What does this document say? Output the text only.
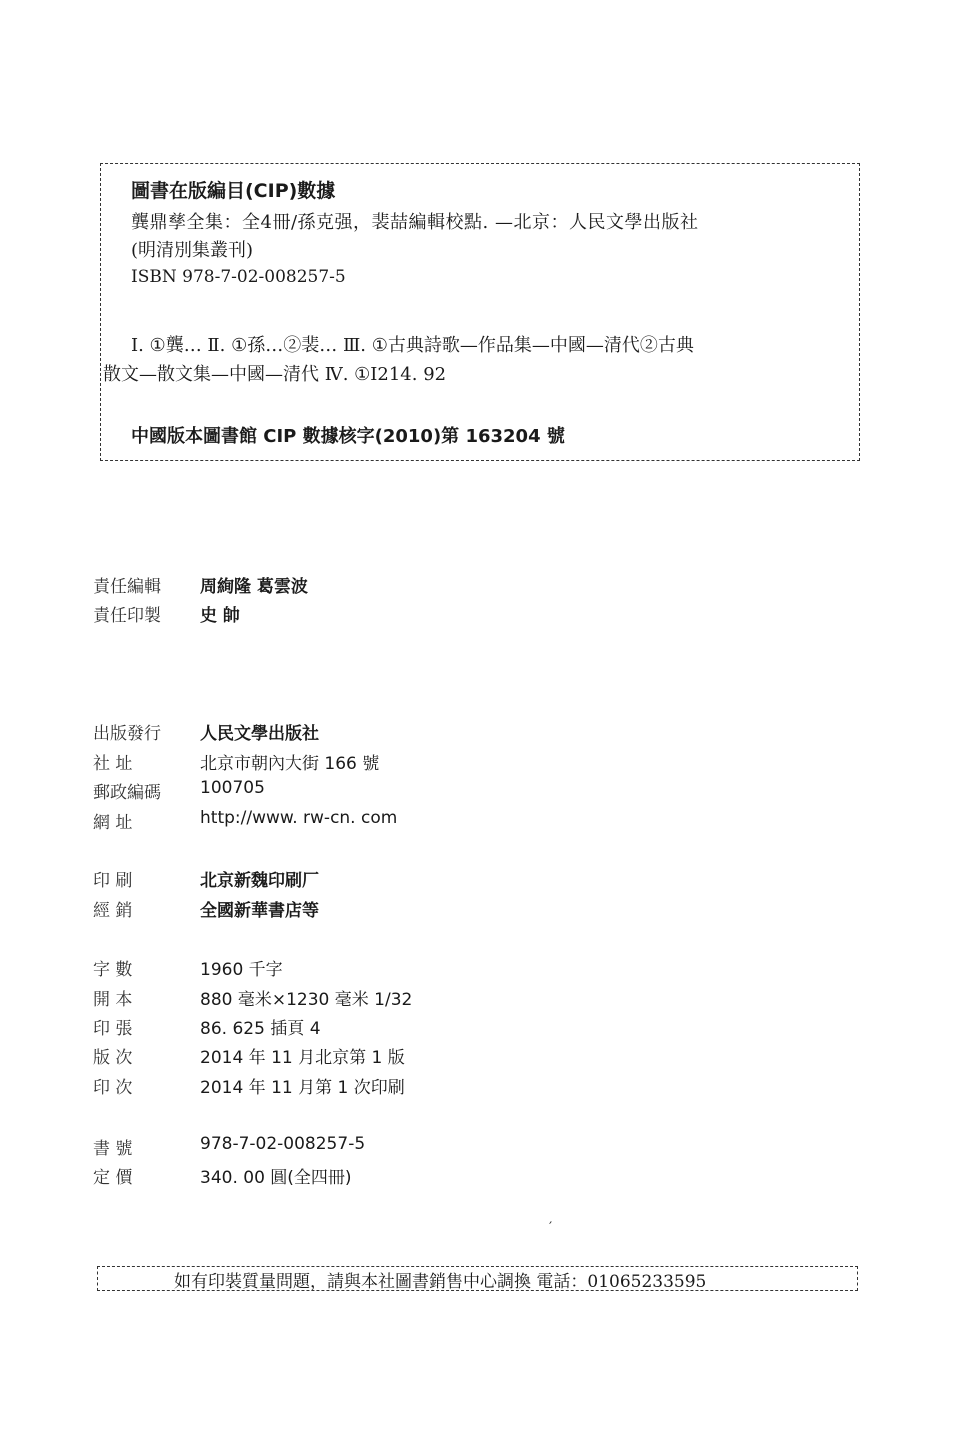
圖書在版編目(CIP)數據
龔鼎孳全集：全4冊/孫克强，裴喆編輯校點. —北京：人民文學出版社
(明清別集叢刊)
ISBN 978-7-02-008257-5
Ⅰ. ①龔… Ⅱ. ①孫…②裴… Ⅲ. ①古典詩歌—作品集—中國—清代②古典
散文—散文集—中國—清代 Ⅳ. ①I214. 92
中國版本圖書館 CIP 數據核字(2010)第 163204 號
責任編輯	周絢隆 葛雲波
責任印製	史 帥
出版發行	人民文學出版社
社 址	北京市朝內大街 166 號
郵政編碼	100705
網 址	http://www. rw-cn. com
印 刷	北京新魏印刷厂
經 銷	全國新華書店等
字 數	1960 千字
開 本	880 毫米×1230 毫米 1/32
印 張	86. 625 插頁 4
版 次	2014 年 11 月北京第 1 版
印 次	2014 年 11 月第 1 次印刷
書 號	978-7-02-008257-5
定 價	340. 00 圓(全四冊)
′
如有印裝質量問題，請與本社圖書銷售中心調換 電話：01065233595
